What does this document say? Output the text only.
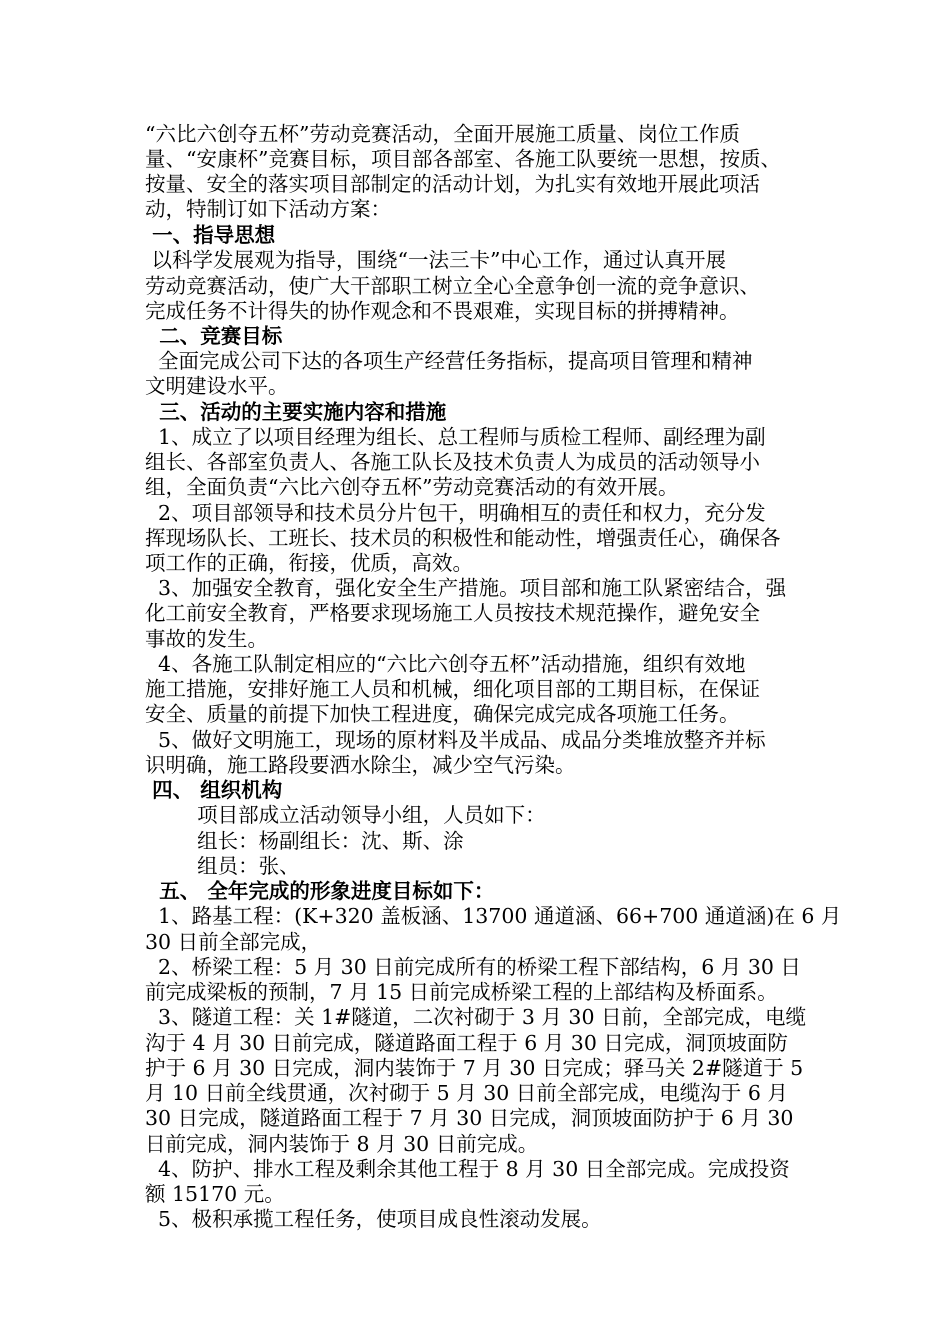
“六比六创夺五杯”劳动竞赛活动，全面开展施工质量、岗位工作质
量、“安康杯”竞赛目标，项目部各部室、各施工队要统一思想，按质、
按量、安全的落实项目部制定的活动计划，为扎实有效地开展此项活
动，特制订如下活动方案：
一、指导思想
以科学发展观为指导，围绕“一法三卡”中心工作，通过认真开展
劳动竞赛活动，使广大干部职工树立全心全意争创一流的竞争意识、
完成任务不计得失的协作观念和不畏艰难，实现目标的拼搏精神。
二、竞赛目标
全面完成公司下达的各项生产经营任务指标，提高项目管理和精神
文明建设水平。
三、活动的主要实施内容和措施
1、成立了以项目经理为组长、总工程师与质检工程师、副经理为副
组长、各部室负责人、各施工队长及技术负责人为成员的活动领导小
组，全面负责“六比六创夺五杯”劳动竞赛活动的有效开展。
2、项目部领导和技术员分片包干，明确相互的责任和权力，充分发
挥现场队长、工班长、技术员的积极性和能动性，增强责任心，确保各
项工作的正确，衔接，优质，高效。
3、加强安全教育，强化安全生产措施。项目部和施工队紧密结合，强
化工前安全教育，严格要求现场施工人员按技术规范操作，避免安全
事故的发生。
4、各施工队制定相应的“六比六创夺五杯”活动措施，组织有效地
施工措施，安排好施工人员和机械，细化项目部的工期目标，在保证
安全、质量的前提下加快工程进度，确保完成完成各项施工任务。
5、做好文明施工，现场的原材料及半成品、成品分类堆放整齐并标
识明确，施工路段要洒水除尘，减少空气污染。
四、 组织机构
项目部成立活动领导小组，人员如下：
组长：杨副组长：沈、斯、涂
组员：张、
五、 全年完成的形象进度目标如下：
1、路基工程：(K+320 盖板涵、13700 通道涵、66+700 通道涵)在 6 月
30 日前全部完成，
2、桥梁工程：5 月 30 日前完成所有的桥梁工程下部结构，6 月 30 日
前完成梁板的预制，7 月 15 日前完成桥梁工程的上部结构及桥面系。
3、隧道工程：关 1#隧道，二次衬砌于 3 月 30 日前，全部完成，电缆
沟于 4 月 30 日前完成，隧道路面工程于 6 月 30 日完成，洞顶坡面防
护于 6 月 30 日完成，洞内装饰于 7 月 30 日完成；驿马关 2#隧道于 5
月 10 日前全线贯通，次衬砌于 5 月 30 日前全部完成，电缆沟于 6 月
30 日完成，隧道路面工程于 7 月 30 日完成，洞顶坡面防护于 6 月 30
日前完成，洞内装饰于 8 月 30 日前完成。
4、防护、排水工程及剩余其他工程于 8 月 30 日全部完成。完成投资
额 15170 元。
5、极积承揽工程任务，使项目成良性滚动发展。
